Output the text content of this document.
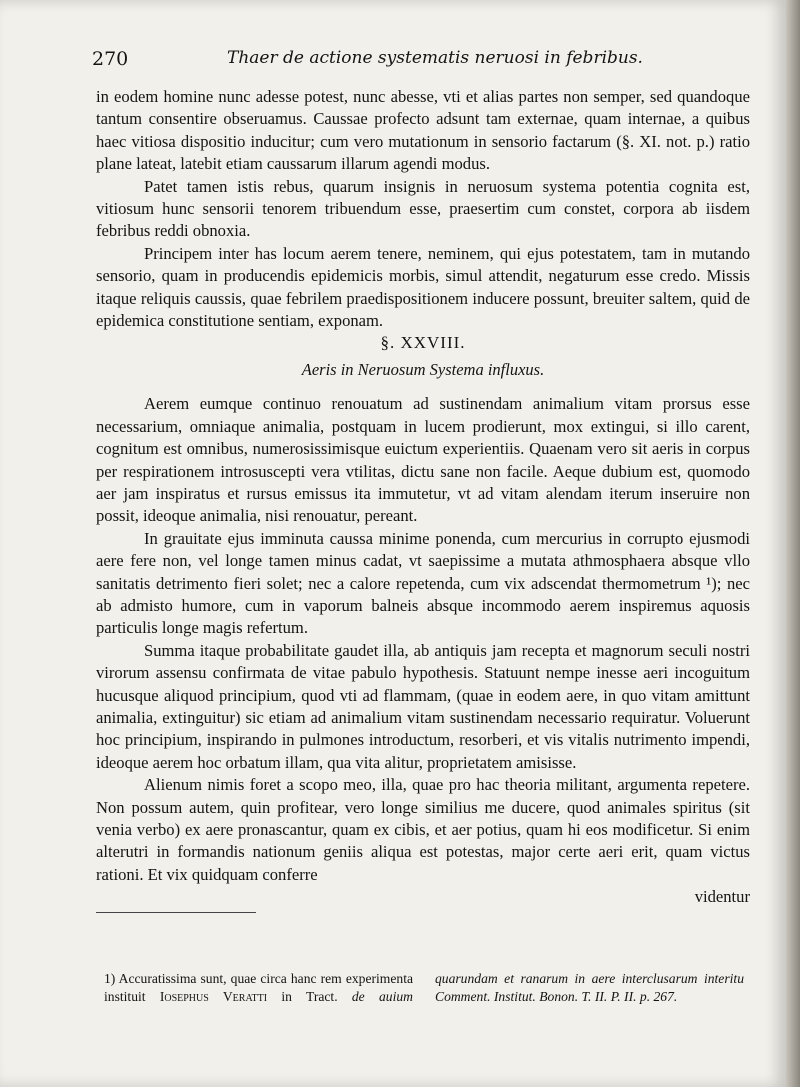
270	Thaer de actione systematis neruosi in febribus.

in eodem homine nunc adesse potest, nunc abesse, vti et alias partes non semper, sed quandoque tantum consentire obseruamus. Caussae profecto adsunt tam externae, quam internae, a quibus haec vitiosa dispositio inducitur; cum vero mutationum in sensorio factarum (§. XI. not. p.) ratio plane lateat, latebit etiam caussarum illarum agendi modus.

Patet tamen istis rebus, quarum insignis in neruosum systema potentia cognita est, vitiosum hunc sensorii tenorem tribuendum esse, praesertim cum constet, corpora ab iisdem febribus reddi obnoxia.

Principem inter has locum aerem tenere, neminem, qui ejus potestatem, tam in mutando sensorio, quam in producendis epidemicis morbis, simul attendit, negaturum esse credo. Missis itaque reliquis caussis, quae febrilem praedispositionem inducere possunt, breuiter saltem, quid de epidemica constitutione sentiam, exponam.

§. XXVIII.

Aeris in Neruosum Systema influxus.

Aerem eumque continuo renouatum ad sustinendam animalium vitam prorsus esse necessarium, omniaque animalia, postquam in lucem prodierunt, mox extingui, si illo carent, cognitum est omnibus, numerosissimisque euictum experientiis. Quaenam vero sit aeris in corpus per respirationem introsuscepti vera vtilitas, dictu sane non facile. Aeque dubium est, quomodo aer jam inspiratus et rursus emissus ita immutetur, vt ad vitam alendam iterum inseruire non possit, ideoque animalia, nisi renouatur, pereant.

In grauitate ejus imminuta caussa minime ponenda, cum mercurius in corrupto ejusmodi aere fere non, vel longe tamen minus cadat, vt saepissime a mutata athmosphaera absque vllo sanitatis detrimento fieri solet; nec a calore repetenda, cum vix adscendat thermometrum ¹); nec ab admisto humore, cum in vaporum balneis absque incommodo aerem inspiremus aquosis particulis longe magis refertum.

Summa itaque probabilitate gaudet illa, ab antiquis jam recepta et magnorum seculi nostri virorum assensu confirmata de vitae pabulo hypothesis. Statuunt nempe inesse aeri incoguitum hucusque aliquod principium, quod vti ad flammam, (quae in eodem aere, in quo vitam amittunt animalia, extinguitur) sic etiam ad animalium vitam sustinendam necessario requiratur. Voluerunt hoc principium, inspirando in pulmones introductum, resorberi, et vis vitalis nutrimento impendi, ideoque aerem hoc orbatum illam, qua vita alitur, proprietatem amisisse.

Alienum nimis foret a scopo meo, illa, quae pro hac theoria militant, argumenta repetere. Non possum autem, quin profitear, vero longe similius me ducere, quod animales spiritus (sit venia verbo) ex aere pronascantur, quam ex cibis, et aer potius, quam hi eos modificetur. Si enim alterutri in formandis nationum geniis aliqua est potestas, major certe aeri erit, quam victus rationi. Et vix quidquam conferre

videntur
1) Accuratissima sunt, quae circa hanc rem experimenta instituit Iosephus Veratti in Tract. de auium quarundam et ranarum in aere interclusarum interitu Comment. Institut. Bonon. T. II. P. II. p. 267.
